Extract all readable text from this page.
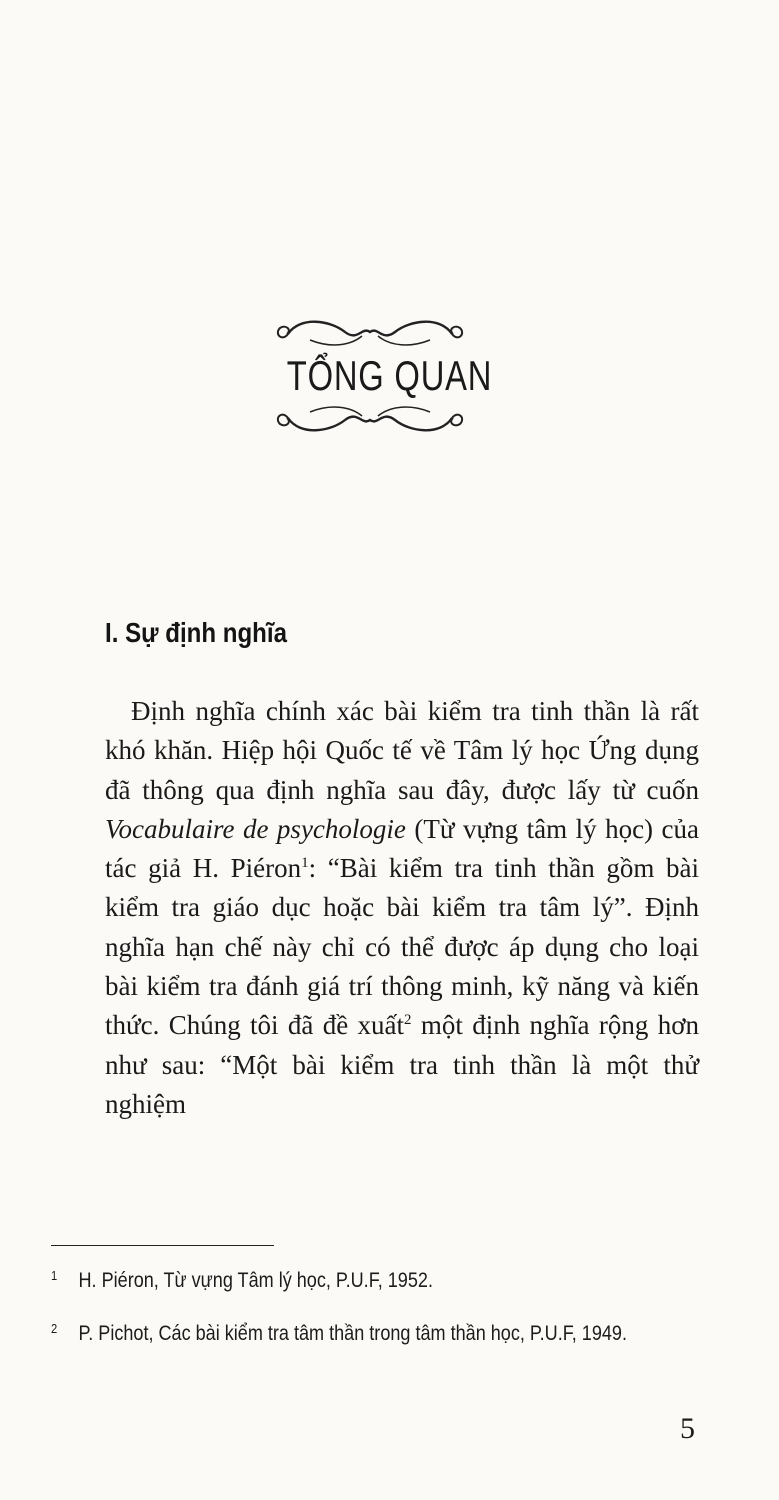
TỔNG QUAN
I. Sự định nghĩa

Định nghĩa chính xác bài kiểm tra tinh thần là rất khó khăn. Hiệp hội Quốc tế về Tâm lý học Ứng dụng đã thông qua định nghĩa sau đây, được lấy từ cuốn Vocabulaire de psychologie (Từ vựng tâm lý học) của tác giả H. Piéron$^1$: “Bài kiểm tra tinh thần gồm bài kiểm tra giáo dục hoặc bài kiểm tra tâm lý”. Định nghĩa hạn chế này chỉ có thể được áp dụng cho loại bài kiểm tra đánh giá trí thông minh, kỹ năng và kiến thức. Chúng tôi đã đề xuất$^2$ một định nghĩa rộng hơn như sau: “Một bài kiểm tra tinh thần là một thử nghiệm

1 H. Piéron, Từ vựng Tâm lý học, P.U.F, 1952.
2 P. Pichot, Các bài kiểm tra tâm thần trong tâm thần học, P.U.F, 1949.
5
